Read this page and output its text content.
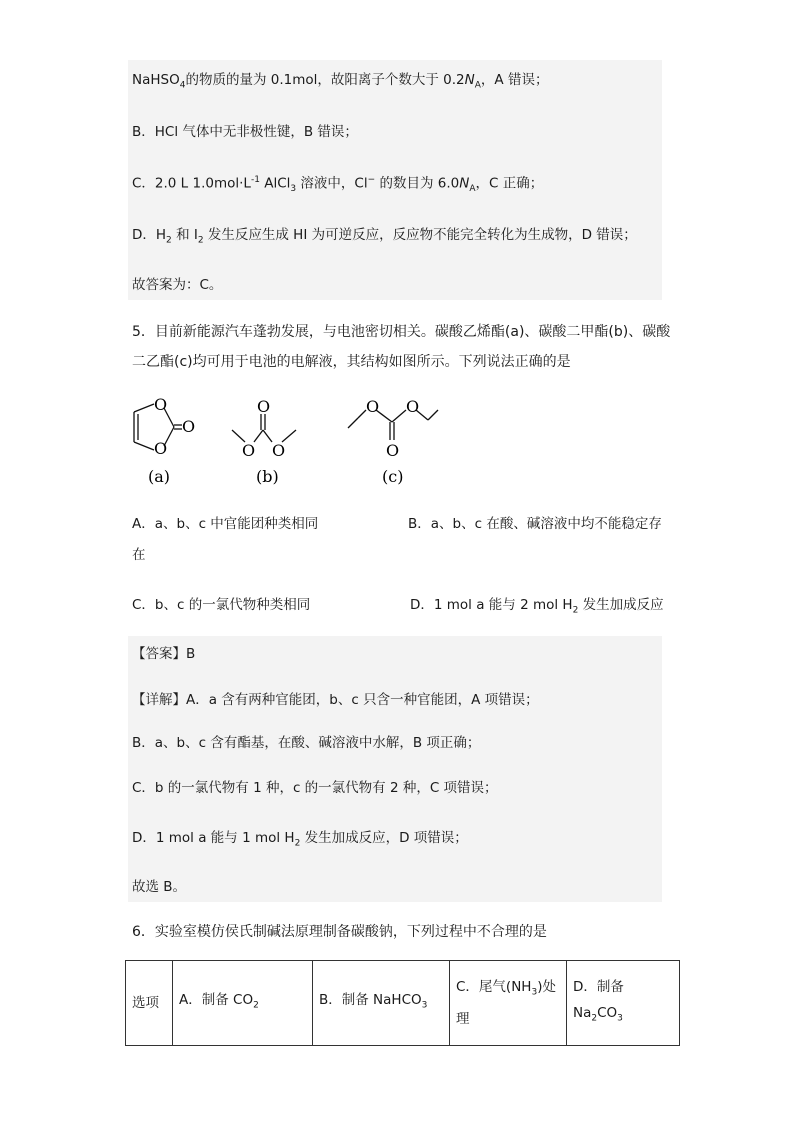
NaHSO$_4$的物质的量为 0.1mol，故阳离子个数大于 $0.2N_A$，A 错误；
B．HCl 气体中无非极性键，B 错误；
C．2.0 L $1.0mol\cdot L^{-1}$ AlCl$_3$ 溶液中，Cl− 的数目为 $6.0N_A$，C 正确；
D．$H_2$ 和 $I_2$ 发生反应生成 HI 为可逆反应，反应物不能完全转化为生成物，D 错误；
故答案为：C。
5．目前新能源汽车蓬勃发展，与电池密切相关。碳酸乙烯酯(a)、碳酸二甲酯(b)、碳酸
二乙酯(c)均可用于电池的电解液，其结构如图所示。下列说法正确的是
O
O
O
O
O O
O O
O
(a)	(b)	(c)
A．a、b、c 中官能团种类相同	B．a、b、c 在酸、碱溶液中均不能稳定存
在
C．b、c 的一氯代物种类相同	D．1 mol a 能与 2 mol $H_2$ 发生加成反应
【答案】B
【详解】A．a 含有两种官能团，b、c 只含一种官能团，A 项错误；
B．a、b、c 含有酯基，在酸、碱溶液中水解，B 项正确；
C．b 的一氯代物有 1 种，c 的一氯代物有 2 种，C 项错误；
D．1 mol a 能与 1 mol $H_2$ 发生加成反应，D 项错误；
故选 B。
6．实验室模仿侯氏制碱法原理制备碳酸钠，下列过程中不合理的是
选项	A．制备 $CO_2$	B．制备 NaHCO$_3$	C．尾气$(NH_3)$处
理	D．制备 $Na_2CO_3$
